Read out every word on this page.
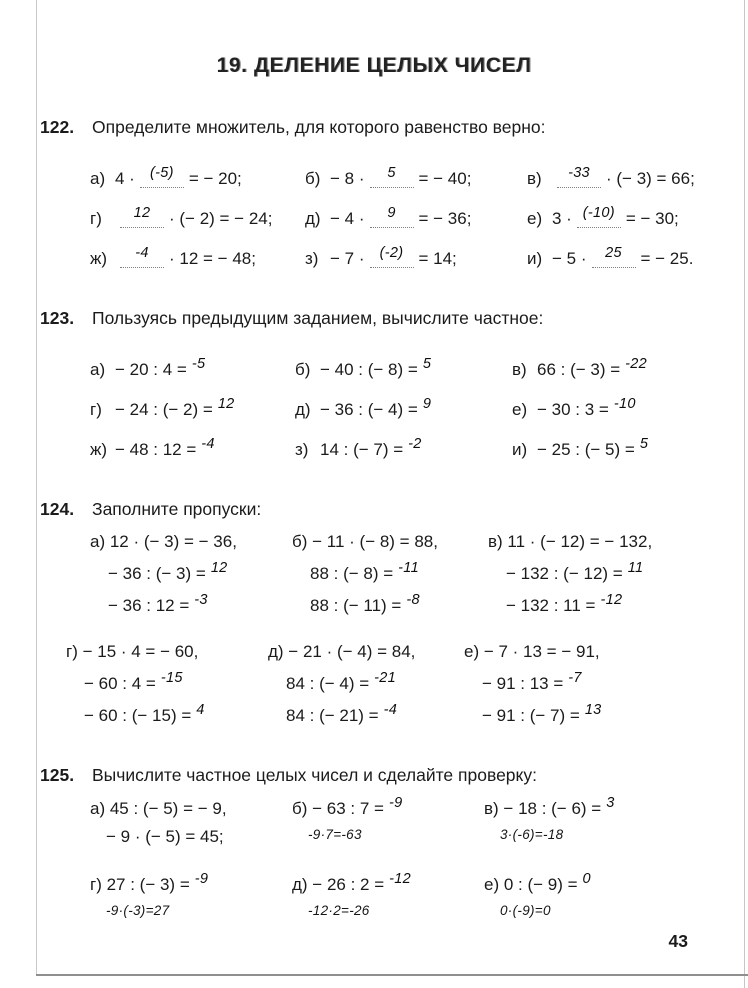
19. ДЕЛЕНИЕ ЦЕЛЫХ ЧИСЕЛ
122.	Определите множитель, для которого равенство верно:
а) 4 · (-5) = − 20;	б) − 8 · 5 = − 40;	в) -33 · (− 3) = 66;
г) 12 · (− 2) = − 24;	д) − 4 · 9 = − 36;	е) 3 · (-10) = − 30;
ж) -4 · 12 = − 48;	з) − 7 · (-2) = 14;	и) − 5 · 25 = − 25.
123.	Пользуясь предыдущим заданием, вычислите частное:
а) − 20 : 4 = -5	б) − 40 : (− 8) = 5	в) 66 : (− 3) = -22
г) − 24 : (− 2) = 12	д) − 36 : (− 4) = 9	е) − 30 : 3 = -10
ж) − 48 : 12 = -4	з) 14 : (− 7) = -2	и) − 25 : (− 5) = 5
124.	Заполните пропуски:
а) 12 · (− 3) = − 36,
− 36 : (− 3) = 12
− 36 : 12 = -3
б) − 11 · (− 8) = 88,
88 : (− 8) = -11
88 : (− 11) = -8
в) 11 · (− 12) = − 132,
− 132 : (− 12) = 11
− 132 : 11 = -12
г) − 15 · 4 = − 60,
− 60 : 4 = -15
− 60 : (− 15) = 4
д) − 21 · (− 4) = 84,
84 : (− 4) = -21
84 : (− 21) = -4
е) − 7 · 13 = − 91,
− 91 : 13 = -7
− 91 : (− 7) = 13
125.	Вычислите частное целых чисел и сделайте проверку:
а) 45 : (− 5) = − 9,
− 9 · (− 5) = 45;
б) − 63 : 7 = -9
-9·7=-63
в) − 18 : (− 6) = 3
3·(-6)=-18
г) 27 : (− 3) = -9
-9·(-3)=27
д) − 26 : 2 = -12
-12·2=-26
е) 0 : (− 9) = 0
0·(-9)=0
43
